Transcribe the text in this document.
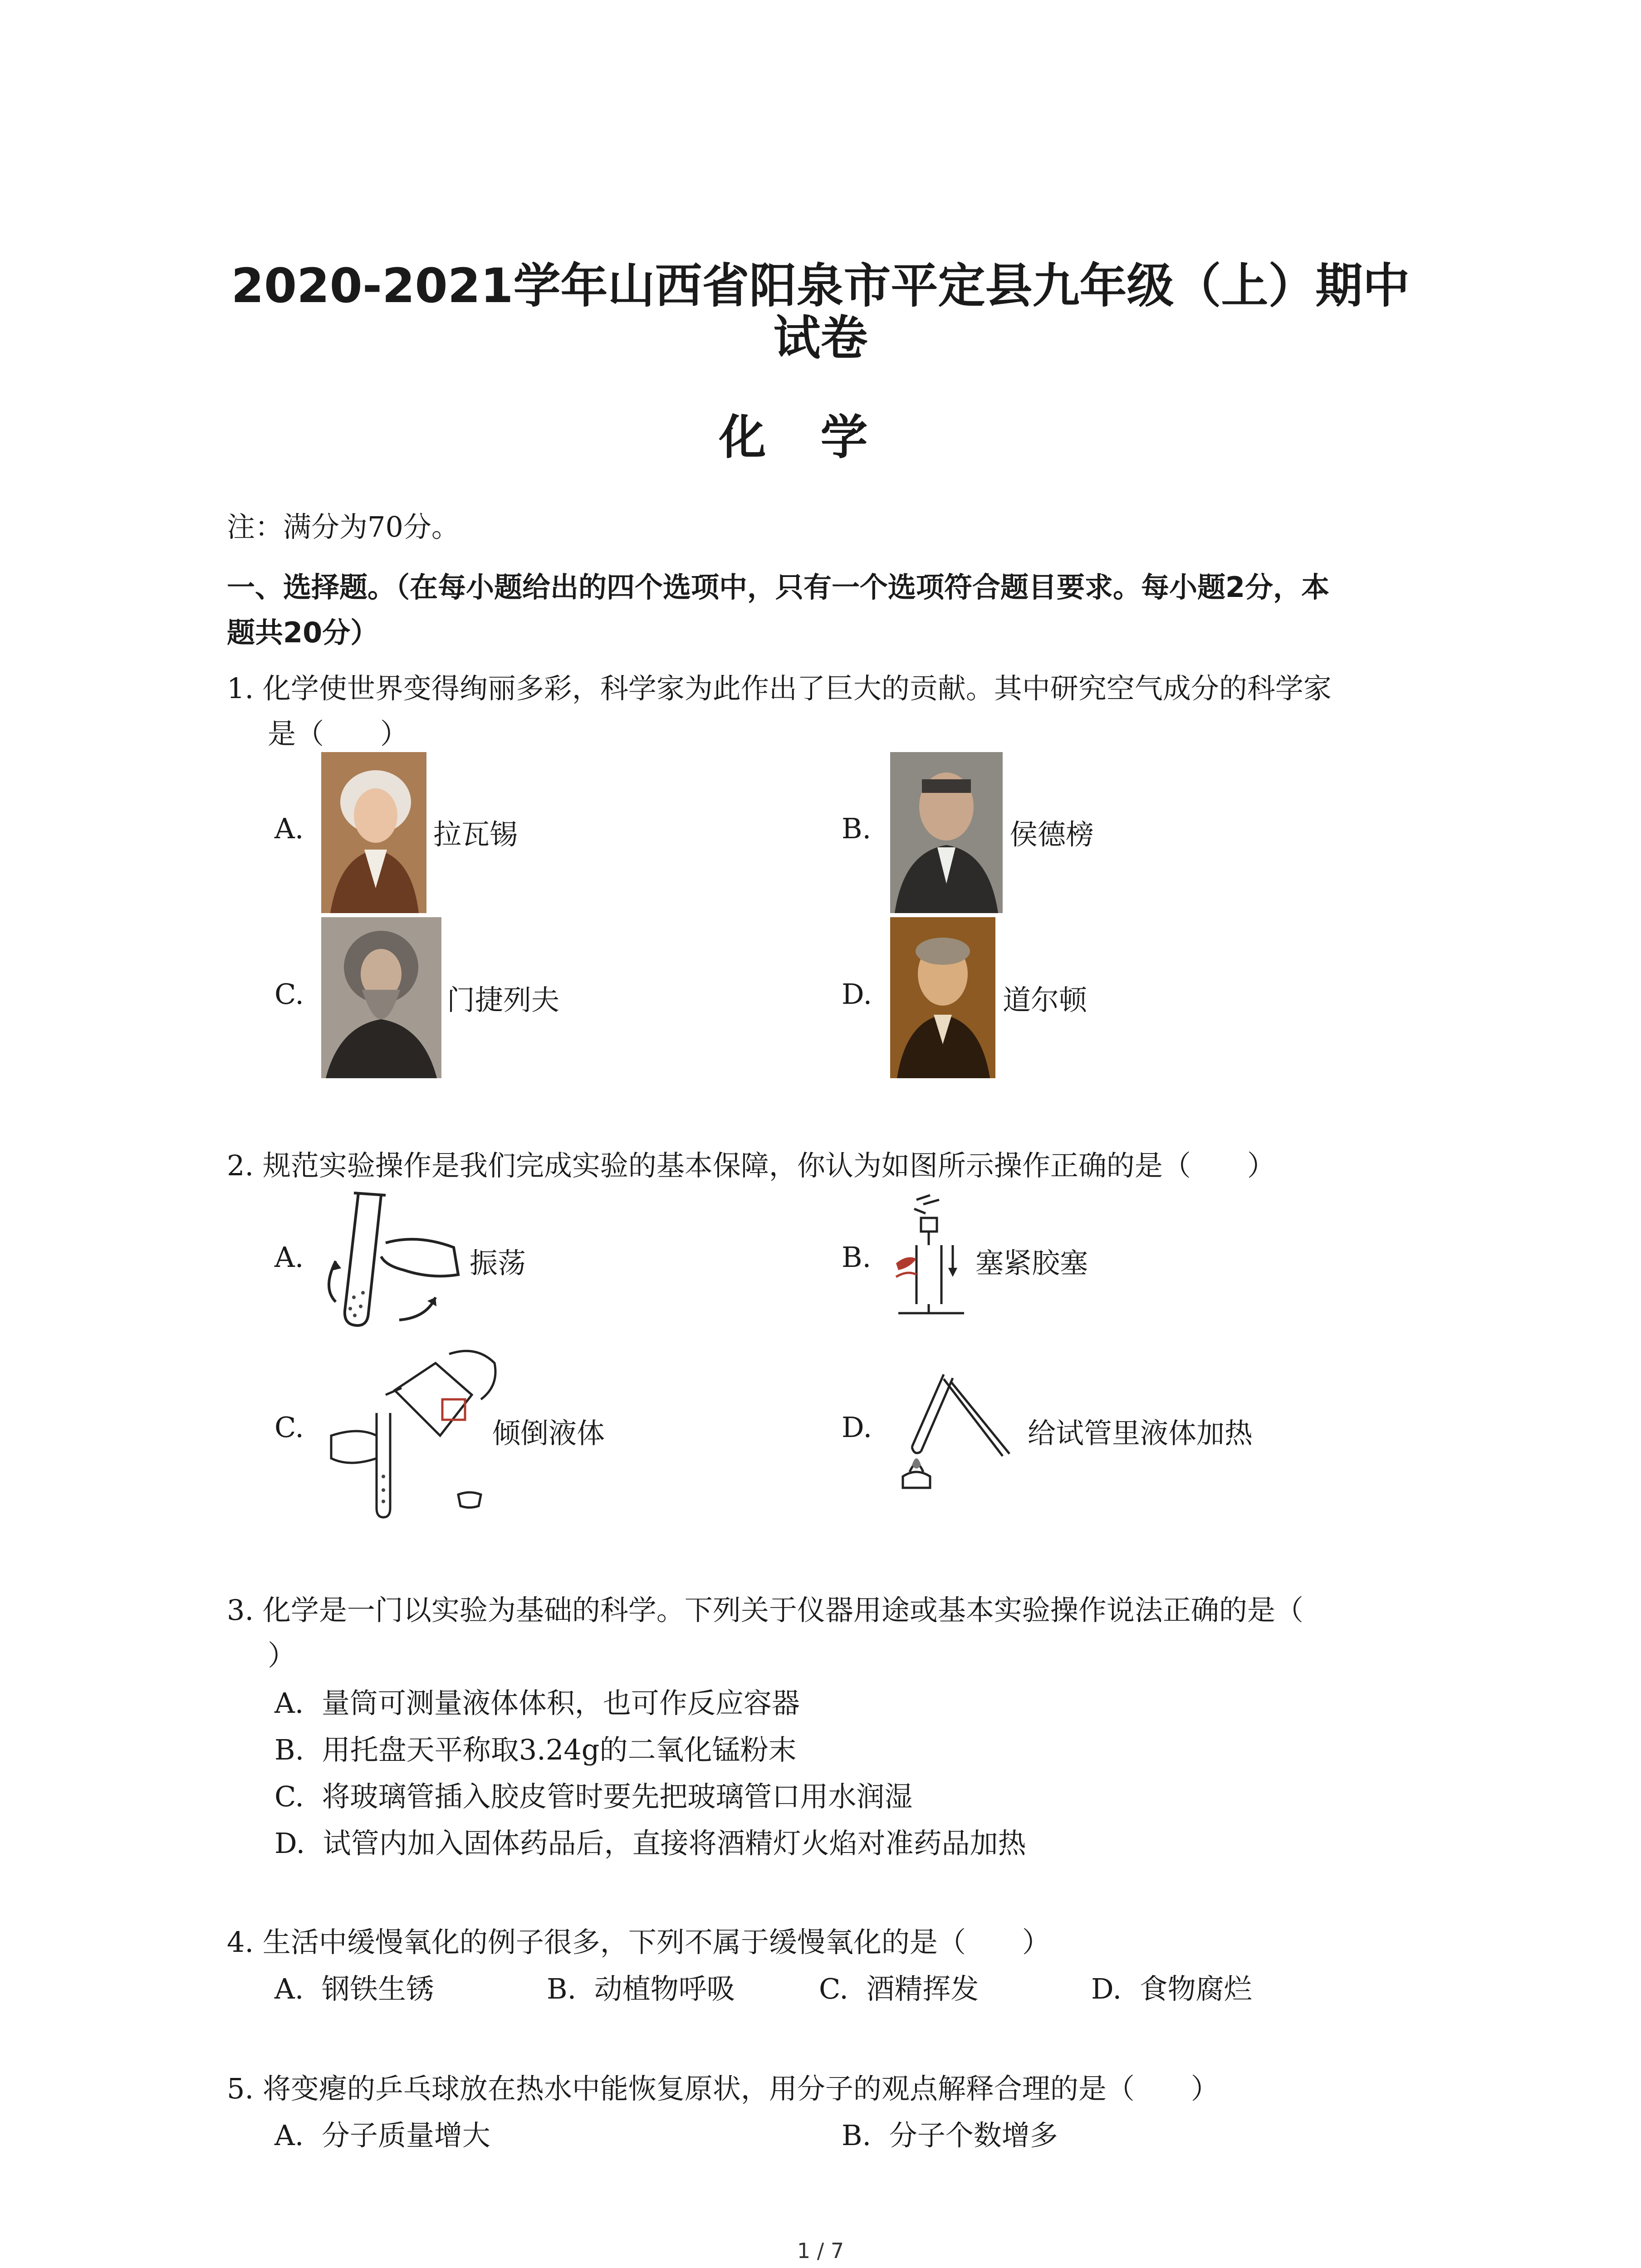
2020-2021学年山西省阳泉市平定县九年级（上）期中
试卷
化学
注：满分为70分。
一、选择题。（在每小题给出的四个选项中，只有一个选项符合题目要求。每小题2分，本
题共20分）
1. 化学使世界变得绚丽多彩，科学家为此作出了巨大的贡献。其中研究空气成分的科学家
是（　　）
A.	拉瓦锡	B.	侯德榜
C.	门捷列夫	D.	道尔顿
2. 规范实验操作是我们完成实验的基本保障，你认为如图所示操作正确的是（　　）
A.	振荡	B.	塞紧胶塞
C.	倾倒液体	D.	给试管里液体加热
3. 化学是一门以实验为基础的科学。下列关于仪器用途或基本实验操作说法正确的是（
）
A. 量筒可测量液体体积，也可作反应容器
B. 用托盘天平称取3.24g的二氧化锰粉末
C. 将玻璃管插入胶皮管时要先把玻璃管口用水润湿
D. 试管内加入固体药品后，直接将酒精灯火焰对准药品加热
4. 生活中缓慢氧化的例子很多，下列不属于缓慢氧化的是（　　）
A. 钢铁生锈	B. 动植物呼吸	C. 酒精挥发	D. 食物腐烂
5. 将变瘪的乒乓球放在热水中能恢复原状，用分子的观点解释合理的是（　　）
A. 分子质量增大	B. 分子个数增多
1 / 7
